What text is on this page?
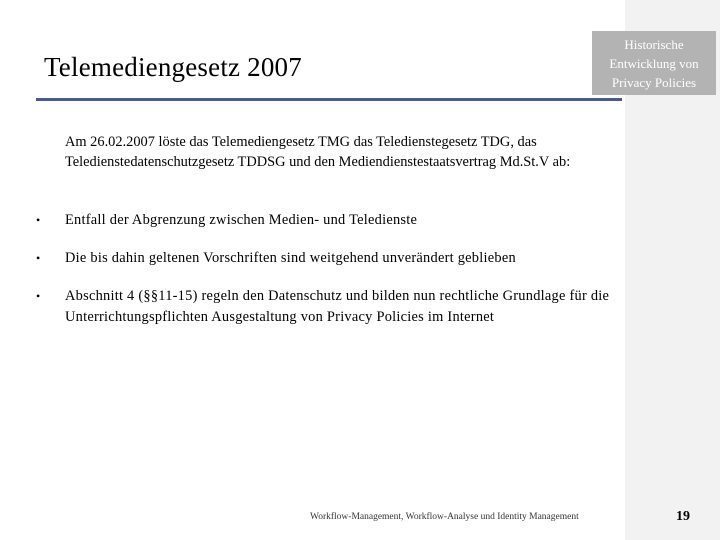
Historische Entwicklung von Privacy Policies
Telemediengesetz 2007

Am 26.02.2007 löste das Telemediengesetz TMG das Teledienstegesetz TDG, das Teledienstedatenschutzgesetz TDDSG und den Mediendienstestaatsvertrag Md.St.V ab:

•	Entfall der Abgrenzung zwischen Medien- und Teledienste
•	Die bis dahin geltenen Vorschriften sind weitgehend unverändert geblieben
•	Abschnitt 4 (§§11-15) regeln den Datenschutz und bilden nun rechtliche Grundlage für die Unterrichtungspflichten Ausgestaltung von Privacy Policies im Internet
Workflow-Management, Workflow-Analyse und Identity Management	19
